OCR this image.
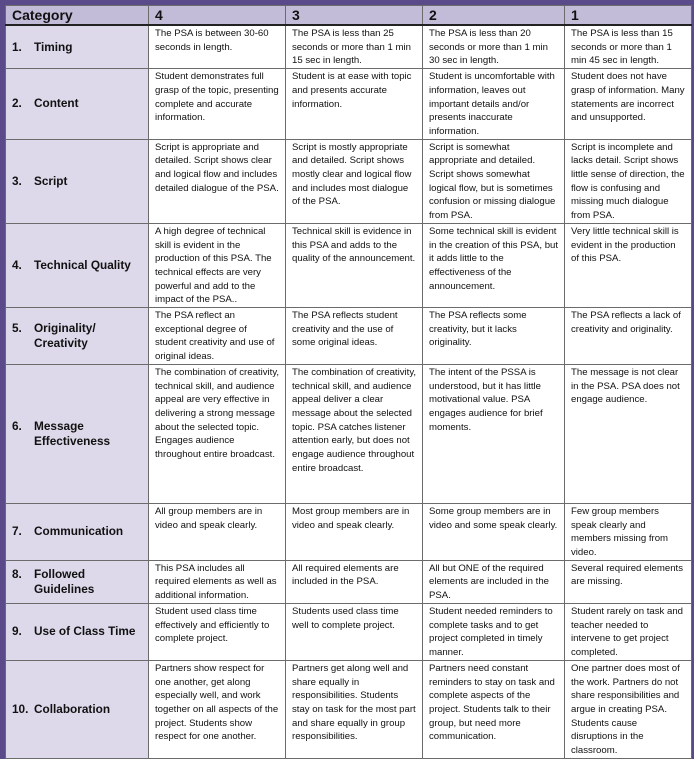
Category	4	3	2	1

1. Timing	The PSA is between 30-60 seconds in length.	The PSA is less than 25 seconds or more than 1 min 15 sec in length.	The PSA is less than 20 seconds or more than 1 min 30 sec in length.	The PSA is less than 15 seconds or more than 1 min 45 sec in length.

2. Content	Student demonstrates full grasp of the topic, presenting complete and accurate information.	Student is at ease with topic and presents accurate information.	Student is uncomfortable with information, leaves out important details and/or presents inaccurate information.	Student does not have grasp of information. Many statements are incorrect and unsupported.

3. Script	Script is appropriate and detailed. Script shows clear and logical flow and includes detailed dialogue of the PSA.	Script is mostly appropriate and detailed. Script shows mostly clear and logical flow and includes most dialogue of the PSA.	Script is somewhat appropriate and detailed. Script shows somewhat logical flow, but is sometimes confusion or missing dialogue from PSA.	Script is incomplete and lacks detail. Script shows little sense of direction, the flow is confusing and missing much dialogue from PSA.

4. Technical Quality	A high degree of technical skill is evident in the production of this PSA. The technical effects are very powerful and add to the impact of the PSA..	Technical skill is evidence in this PSA and adds to the quality of the announcement.	Some technical skill is evident in the creation of this PSA, but it adds little to the effectiveness of the announcement.	Very little technical skill is evident in the production of this PSA.

5. Originality/ Creativity	The PSA reflect an exceptional degree of student creativity and use of original ideas.	The PSA reflects student creativity and the use of some original ideas.	The PSA reflects some creativity, but it lacks originality.	The PSA reflects a lack of creativity and originality.

6. Message Effectiveness	The combination of creativity, technical skill, and audience appeal are very effective in delivering a strong message about the selected topic. Engages audience throughout entire broadcast.	The combination of creativity, technical skill, and audience appeal deliver a clear message about the selected topic. PSA catches listener attention early, but does not engage audience throughout entire broadcast.	The intent of the PSSA is understood, but it has little motivational value. PSA engages audience for brief moments.	The message is not clear in the PSA. PSA does not engage audience.

7. Communication	All group members are in video and speak clearly.	Most group members are in video and speak clearly.	Some group members are in video and some speak clearly.	Few group members speak clearly and members missing from video.

8. Followed Guidelines	This PSA includes all required elements as well as additional information.	All required elements are included in the PSA.	All but ONE of the required elements are included in the PSA.	Several required elements are missing.

9. Use of Class Time	Student used class time effectively and efficiently to complete project.	Students used class time well to complete project.	Student needed reminders to complete tasks and to get project completed in timely manner.	Student rarely on task and teacher needed to intervene to get project completed.

10. Collaboration	Partners show respect for one another, get along especially well, and work together on all aspects of the project. Students show respect for one another.	Partners get along well and share equally in responsibilities. Students stay on task for the most part and share equally in group responsibilities.	Partners need constant reminders to stay on task and complete aspects of the project. Students talk to their group, but need more communication.	One partner does most of the work. Partners do not share responsibilities and argue in creating PSA. Students cause disruptions in the classroom.
